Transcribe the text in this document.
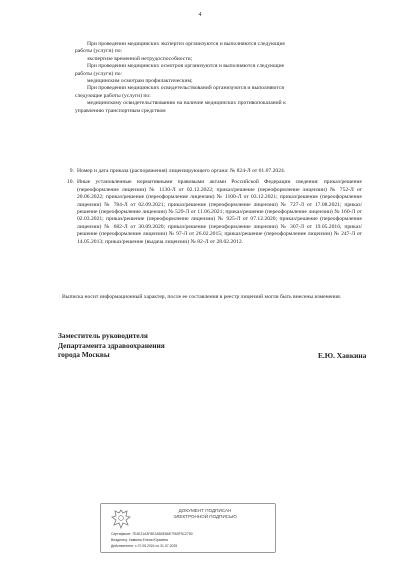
4
При проведении медицинских экспертиз организуются и выполняются следующие
работы (услуги) по:
экспертизе временной нетрудоспособности;
При проведении медицинских осмотров организуются и выполняются следующие
работы (услуги) по:
медицинским осмотрам профилактическим;
При проведении медицинских освидетельствований организуются и выполняются
следующие работы (услуги) по:
медицинскому освидетельствованию на наличие медицинских противопоказаний к
управлению транспортным средством
9. Номер и дата приказа (распоряжения) лицензирующего органа: № 824-Л от 01.07.2024.
10. Иные установленные нормативными правовыми актами Российской Федерации сведения: приказ/решение (переоформление лицензии) № 1130-Л от 02.12.2022; приказ/решение (переоформление лицензии) № 752-Л от 20.06.2022; приказ/решение (переоформление лицензии) № 1100-Л от 03.12.2021; приказ/решение (переоформление лицензии) № 784-Л от 02.09.2021; приказ/решение (переоформление лицензии) № 727-Л от 17.08.2021; приказ/решение (переоформление лицензии) № 529-Л от 11.06.2021; приказ/решение (переоформление лицензии) № 160-Л от 02.03.2021; приказ/решение (переоформление лицензии) № 925-Л от 07.12.2020; приказ/решение (переоформление лицензии) № 682-Л от 30.09.2020; приказ/решение (переоформление лицензии) № 307-Л от 19.05.2016; приказ/решение (переоформление лицензии) № 97-Л от 26.02.2015; приказ/решение (переоформление лицензии) № 247-Л от 14.05.2013; приказ/решение (выдача лицензии) № 82-Л от 28.02.2012.
Выписка носит информационный характер, после ее составления в реестр лицензий могли быть внесены изменения.
Заместитель руководителя
Департамента здравоохранения
города Москвы	Е.Ю. Хавкина
ДОКУМЕНТ ПОДПИСАН
ЭЛЕКТРОННОЙ ПОДПИСЬЮ
Сертификат: 7E4E21A3F8E2AB0E86E7953F9C2750
Владелец: Хавкина Елена Юрьевна
Действителен: с 07.05.2024 по 31.07.2025
